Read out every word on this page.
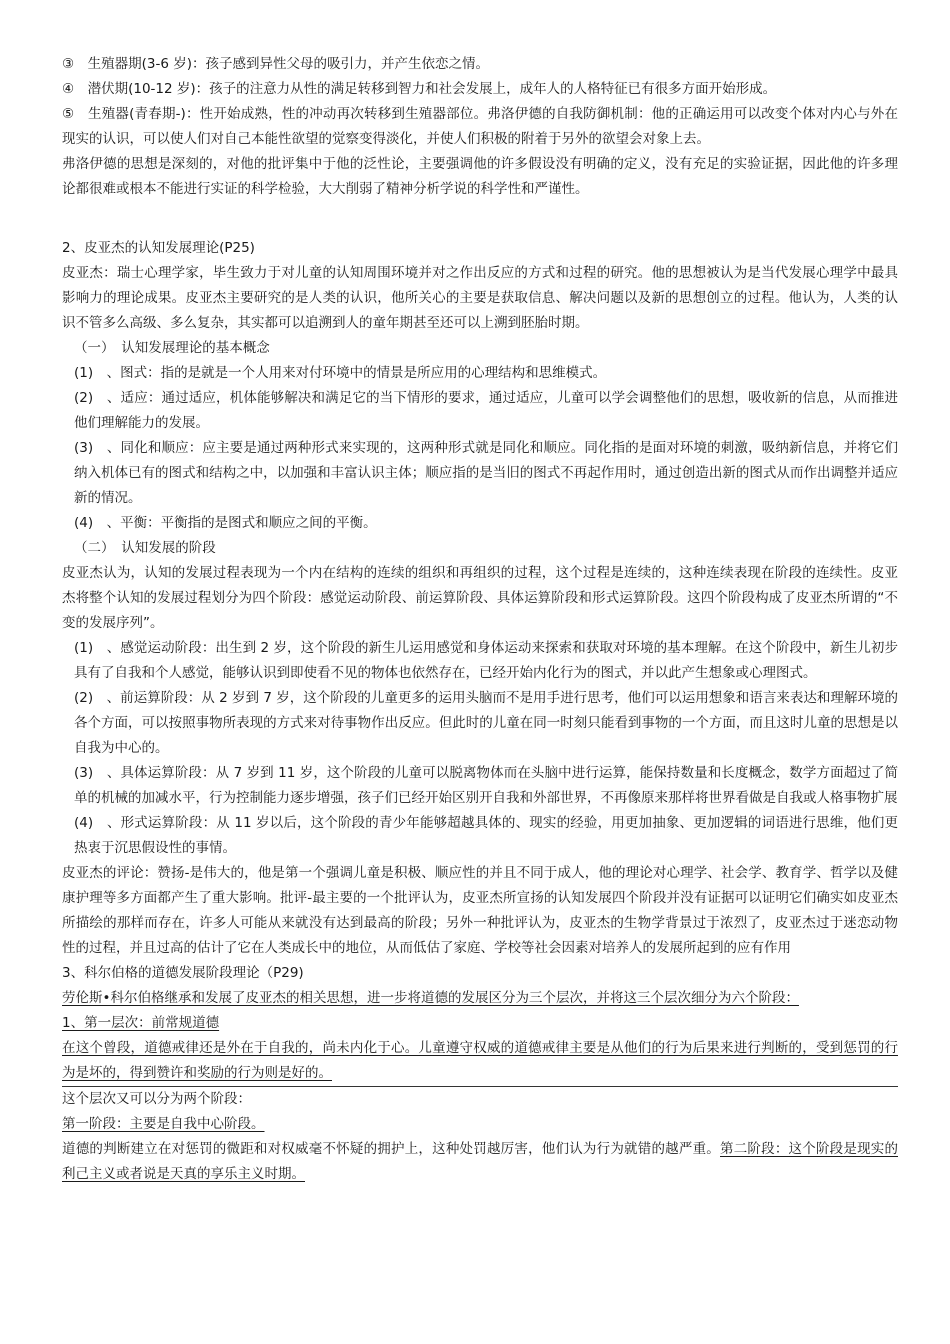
③　生殖器期(3-6 岁)：孩子感到异性父母的吸引力，并产生依恋之情。

④　潜伏期(10-12 岁)：孩子的注意力从性的满足转移到智力和社会发展上，成年人的人格特征已有很多方面开始形成。

⑤　生殖器(青春期-)：性开始成熟，性的冲动再次转移到生殖器部位。弗洛伊德的自我防御机制：他的正确运用可以改变个体对内心与外在现实的认识，可以使人们对自己本能性欲望的觉察变得淡化，并使人们积极的附着于另外的欲望会对象上去。

弗洛伊德的思想是深刻的，对他的批评集中于他的泛性论，主要强调他的许多假设没有明确的定义，没有充足的实验证据，因此他的许多理论都很难或根本不能进行实证的科学检验，大大削弱了精神分析学说的科学性和严谨性。

2、皮亚杰的认知发展理论(P25)

皮亚杰：瑞士心理学家，毕生致力于对儿童的认知周围环境并对之作出反应的方式和过程的研究。他的思想被认为是当代发展心理学中最具影响力的理论成果。皮亚杰主要研究的是人类的认识，他所关心的主要是获取信息、解决问题以及新的思想创立的过程。他认为，人类的认识不管多么高级、多么复杂，其实都可以追溯到人的童年期甚至还可以上溯到胚胎时期。

（一）　认知发展理论的基本概念

(1)　、图式：指的是就是一个人用来对付环境中的情景是所应用的心理结构和思维模式。

(2)　、适应：通过适应，机体能够解决和满足它的当下情形的要求，通过适应，儿童可以学会调整他们的思想，吸收新的信息，从而推进他们理解能力的发展。

(3)　、同化和顺应：应主要是通过两种形式来实现的，这两种形式就是同化和顺应。同化指的是面对环境的刺激，吸纳新信息，并将它们纳入机体已有的图式和结构之中，以加强和丰富认识主体；顺应指的是当旧的图式不再起作用时，通过创造出新的图式从而作出调整并适应新的情况。

(4)　、平衡：平衡指的是图式和顺应之间的平衡。

（二）　认知发展的阶段

皮亚杰认为，认知的发展过程表现为一个内在结构的连续的组织和再组织的过程，这个过程是连续的，这种连续表现在阶段的连续性。皮亚杰将整个认知的发展过程划分为四个阶段：感觉运动阶段、前运算阶段、具体运算阶段和形式运算阶段。这四个阶段构成了皮亚杰所谓的“不变的发展序列”。

(1)　、感觉运动阶段：出生到 2 岁，这个阶段的新生儿运用感觉和身体运动来探索和获取对环境的基本理解。在这个阶段中，新生儿初步具有了自我和个人感觉，能够认识到即使看不见的物体也依然存在，已经开始内化行为的图式，并以此产生想象或心理图式。

(2)　、前运算阶段：从 2 岁到 7 岁，这个阶段的儿童更多的运用头脑而不是用手进行思考，他们可以运用想象和语言来表达和理解环境的各个方面，可以按照事物所表现的方式来对待事物作出反应。但此时的儿童在同一时刻只能看到事物的一个方面，而且这时儿童的思想是以自我为中心的。

(3)　、具体运算阶段：从 7 岁到 11 岁，这个阶段的儿童可以脱离物体而在头脑中进行运算，能保持数量和长度概念，数学方面超过了简单的机械的加减水平，行为控制能力逐步增强，孩子们已经开始区别开自我和外部世界，不再像原来那样将世界看做是自我或人格事物扩展

(4)　、形式运算阶段：从 11 岁以后，这个阶段的青少年能够超越具体的、现实的经验，用更加抽象、更加逻辑的词语进行思维，他们更热衷于沉思假设性的事情。

皮亚杰的评论：赞扬-是伟大的，他是第一个强调儿童是积极、顺应性的并且不同于成人，他的理论对心理学、社会学、教育学、哲学以及健康护理等多方面都产生了重大影响。批评-最主要的一个批评认为，皮亚杰所宣扬的认知发展四个阶段并没有证据可以证明它们确实如皮亚杰所描绘的那样而存在，许多人可能从来就没有达到最高的阶段；另外一种批评认为，皮亚杰的生物学背景过于浓烈了，皮亚杰过于迷恋动物性的过程，并且过高的估计了它在人类成长中的地位，从而低估了家庭、学校等社会因素对培养人的发展所起到的应有作用

3、科尔伯格的道德发展阶段理论（P29)

劳伦斯•科尔伯格继承和发展了皮亚杰的相关思想，进一步将道德的发展区分为三个层次，并将这三个层次细分为六个阶段：

1、第一层次：前常规道德

在这个曾段，道德戒律还是外在于自我的，尚未内化于心。儿童遵守权威的道德戒律主要是从他们的行为后果来进行判断的，受到惩罚的行为是坏的，得到赞许和奖励的行为则是好的。

这个层次又可以分为两个阶段：

第一阶段：主要是自我中心阶段。

道德的判断建立在对惩罚的微距和对权威毫不怀疑的拥护上，这种处罚越厉害，他们认为行为就错的越严重。第二阶段：这个阶段是现实的利己主义或者说是天真的享乐主义时期。
